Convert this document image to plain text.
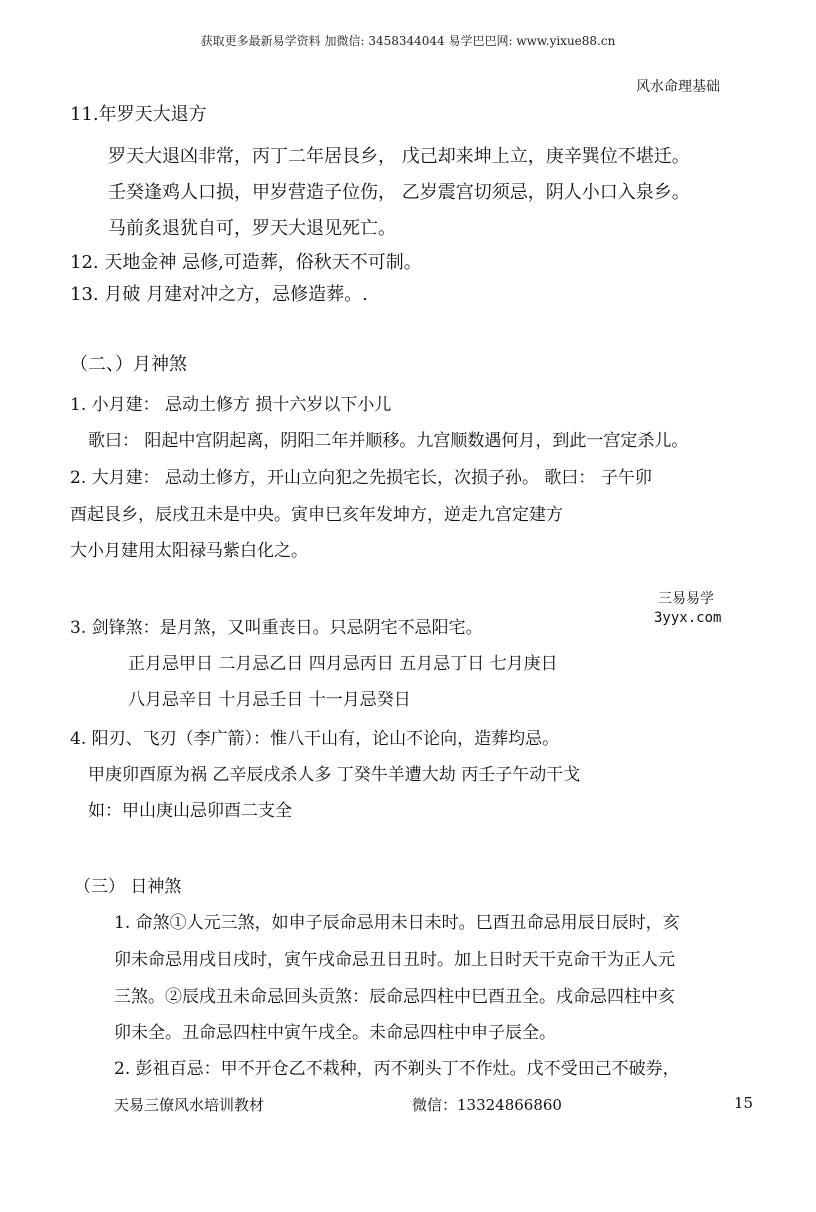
获取更多最新易学资料 加微信: 3458344044 易学巴巴网: www.yixue88.cn
风水命理基础
11.年罗天大退方
罗天大退凶非常，丙丁二年居艮乡， 戊己却来坤上立，庚辛巽位不堪迁。
壬癸逢鸡人口损，甲岁营造子位伤， 乙岁震宫切须忌，阴人小口入泉乡。
马前炙退犹自可，罗天大退见死亡。
12. 天地金神 忌修,可造葬，俗秋天不可制。
13. 月破 月建对冲之方，忌修造葬。.
（二、）月神煞
1. 小月建： 忌动土修方 损十六岁以下小儿
歌曰： 阳起中宫阴起离，阴阳二年并顺移。九宫顺数遇何月，到此一宫定杀儿。
2. 大月建： 忌动土修方，开山立向犯之先损宅长，次损子孙。 歌曰： 子午卯
酉起艮乡，辰戌丑未是中央。寅申巳亥年发坤方，逆走九宫定建方
大小月建用太阳禄马紫白化之。
三易易学
3yyx.com
3. 剑锋煞：是月煞，又叫重丧日。只忌阴宅不忌阳宅。
正月忌甲日 二月忌乙日 四月忌丙日 五月忌丁日 七月庚日
八月忌辛日 十月忌壬日 十一月忌癸日
4. 阳刃、飞刃（李广箭）：惟八干山有，论山不论向，造葬均忌。
甲庚卯酉原为祸 乙辛辰戌杀人多 丁癸牛羊遭大劫 丙壬子午动干戈
如：甲山庚山忌卯酉二支全
（三） 日神煞
1. 命煞①人元三煞，如申子辰命忌用未日未时。巳酉丑命忌用辰日辰时，亥
卯未命忌用戌日戌时，寅午戌命忌丑日丑时。加上日时天干克命干为正人元
三煞。②辰戌丑未命忌回头贡煞：辰命忌四柱中巳酉丑全。戌命忌四柱中亥
卯未全。丑命忌四柱中寅午戌全。未命忌四柱中申子辰全。
2. 彭祖百忌：甲不开仓乙不栽种，丙不剃头丁不作灶。戊不受田己不破券，
天易三僚风水培训教材	微信：13324866860	15
